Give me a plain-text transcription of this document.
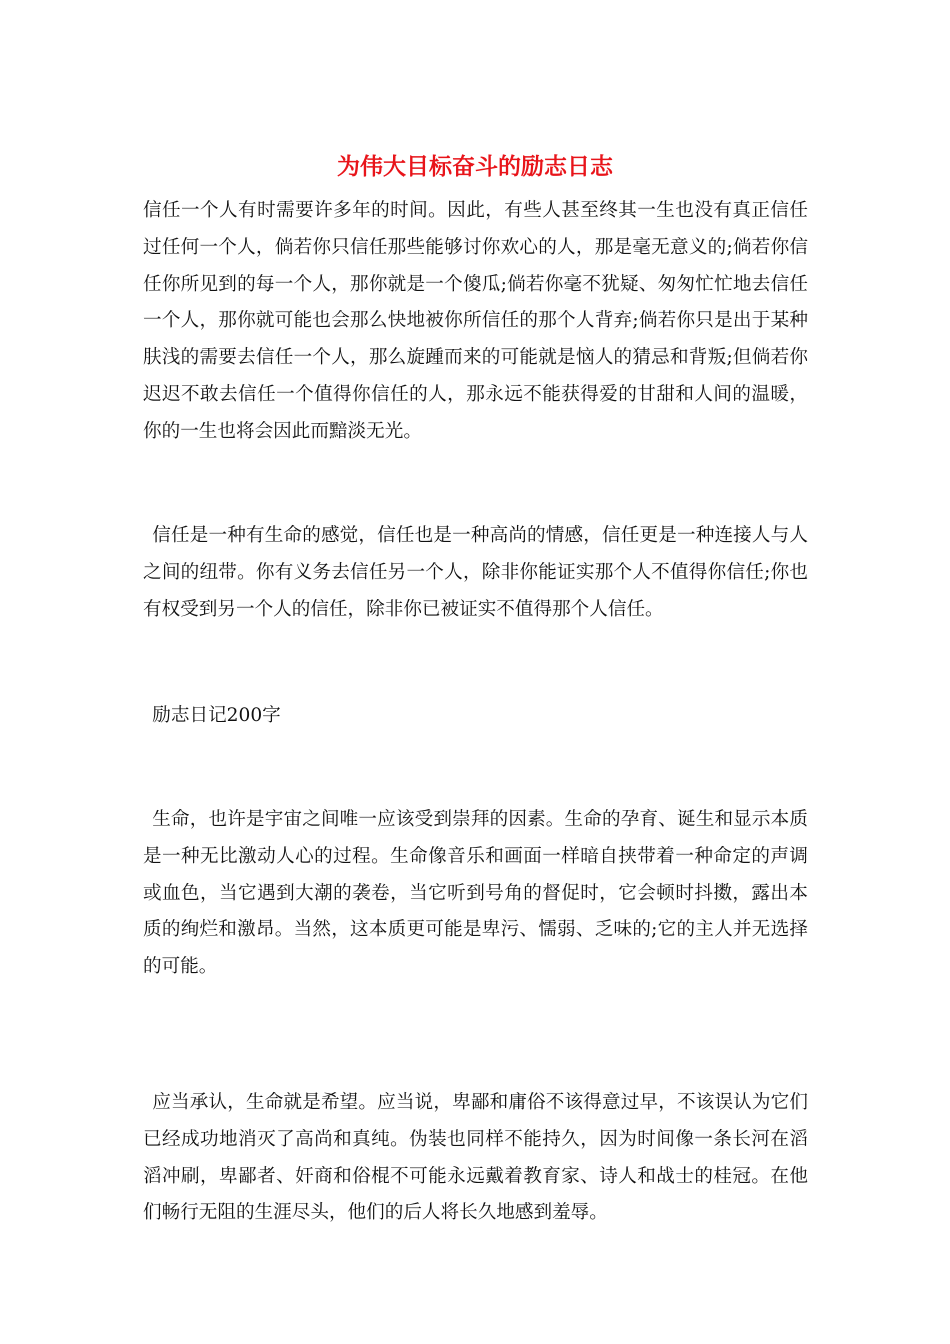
为伟大目标奋斗的励志日志

信任一个人有时需要许多年的时间。因此，有些人甚至终其一生也没有真正信任过任何一个人，倘若你只信任那些能够讨你欢心的人，那是毫无意义的;倘若你信任你所见到的每一个人，那你就是一个傻瓜;倘若你毫不犹疑、匆匆忙忙地去信任一个人，那你就可能也会那么快地被你所信任的那个人背弃;倘若你只是出于某种肤浅的需要去信任一个人，那么旋踵而来的可能就是恼人的猜忌和背叛;但倘若你迟迟不敢去信任一个值得你信任的人，那永远不能获得爱的甘甜和人间的温暖，你的一生也将会因此而黯淡无光。

信任是一种有生命的感觉，信任也是一种高尚的情感，信任更是一种连接人与人之间的纽带。你有义务去信任另一个人，除非你能证实那个人不值得你信任;你也有权受到另一个人的信任，除非你已被证实不值得那个人信任。

励志日记200字

生命，也许是宇宙之间唯一应该受到崇拜的因素。生命的孕育、诞生和显示本质是一种无比激动人心的过程。生命像音乐和画面一样暗自挟带着一种命定的声调或血色，当它遇到大潮的袭卷，当它听到号角的督促时，它会顿时抖擞，露出本质的绚烂和激昂。当然，这本质更可能是卑污、懦弱、乏味的;它的主人并无选择的可能。

应当承认，生命就是希望。应当说，卑鄙和庸俗不该得意过早，不该误认为它们已经成功地消灭了高尚和真纯。伪装也同样不能持久，因为时间像一条长河在滔滔冲刷，卑鄙者、奸商和俗棍不可能永远戴着教育家、诗人和战士的桂冠。在他们畅行无阻的生涯尽头，他们的后人将长久地感到羞辱。
